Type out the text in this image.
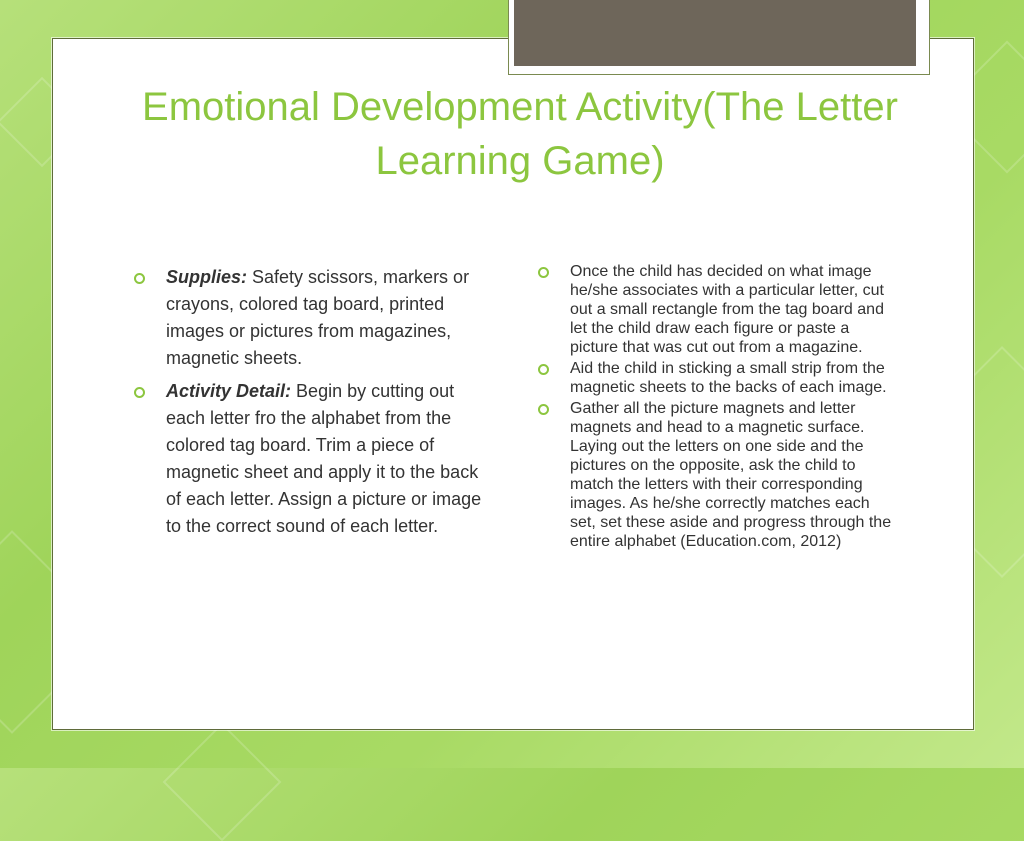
Emotional Development Activity(The Letter Learning Game)
Supplies: Safety scissors, markers or crayons, colored tag board, printed images or pictures from magazines, magnetic sheets.
Activity Detail: Begin by cutting out each letter fro the alphabet from the colored tag board. Trim a piece of magnetic sheet and apply it to the back of each letter. Assign a picture or image to the correct sound of each letter.
Once the child has decided on what image he/she associates with a particular letter, cut out a small rectangle from the tag board and let the child draw each figure or paste a picture that was cut out from a magazine.
Aid the child in sticking a small strip from the magnetic sheets to the backs of each image.
Gather all the picture magnets and letter magnets and head to a magnetic surface. Laying out the letters on one side and the pictures on the opposite, ask the child to match the letters with their corresponding images. As he/she correctly matches each set, set these aside and progress through the entire alphabet (Education.com, 2012)
